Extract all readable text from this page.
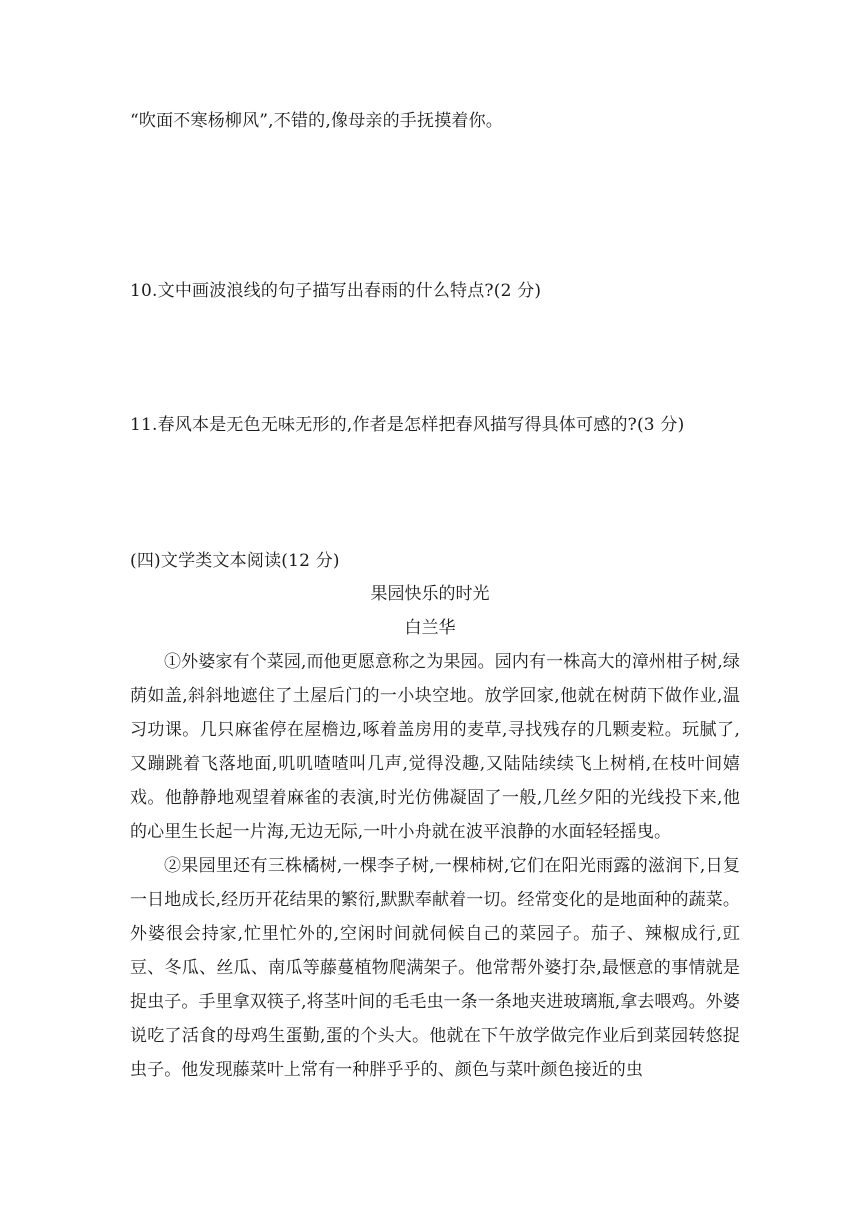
“吹面不寒杨柳风”,不错的,像母亲的手抚摸着你。
10.文中画波浪线的句子描写出春雨的什么特点?(2 分)
11.春风本是无色无味无形的,作者是怎样把春风描写得具体可感的?(3 分)
(四)文学类文本阅读(12 分)
果园快乐的时光
白兰华
①外婆家有个菜园,而他更愿意称之为果园。园内有一株高大的漳州柑子树,绿荫如盖,斜斜地遮住了土屋后门的一小块空地。放学回家,他就在树荫下做作业,温习功课。几只麻雀停在屋檐边,啄着盖房用的麦草,寻找残存的几颗麦粒。玩腻了,又蹦跳着飞落地面,叽叽喳喳叫几声,觉得没趣,又陆陆续续飞上树梢,在枝叶间嬉戏。他静静地观望着麻雀的表演,时光仿佛凝固了一般,几丝夕阳的光线投下来,他的心里生长起一片海,无边无际,一叶小舟就在波平浪静的水面轻轻摇曳。
②果园里还有三株橘树,一棵李子树,一棵柿树,它们在阳光雨露的滋润下,日复一日地成长,经历开花结果的繁衍,默默奉献着一切。经常变化的是地面种的蔬菜。外婆很会持家,忙里忙外的,空闲时间就伺候自己的菜园子。茄子、辣椒成行,豇豆、冬瓜、丝瓜、南瓜等藤蔓植物爬满架子。他常帮外婆打杂,最惬意的事情就是捉虫子。手里拿双筷子,将茎叶间的毛毛虫一条一条地夹进玻璃瓶,拿去喂鸡。外婆说吃了活食的母鸡生蛋勤,蛋的个头大。他就在下午放学做完作业后到菜园转悠捉虫子。他发现藤菜叶上常有一种胖乎乎的、颜色与菜叶颜色接近的虫
